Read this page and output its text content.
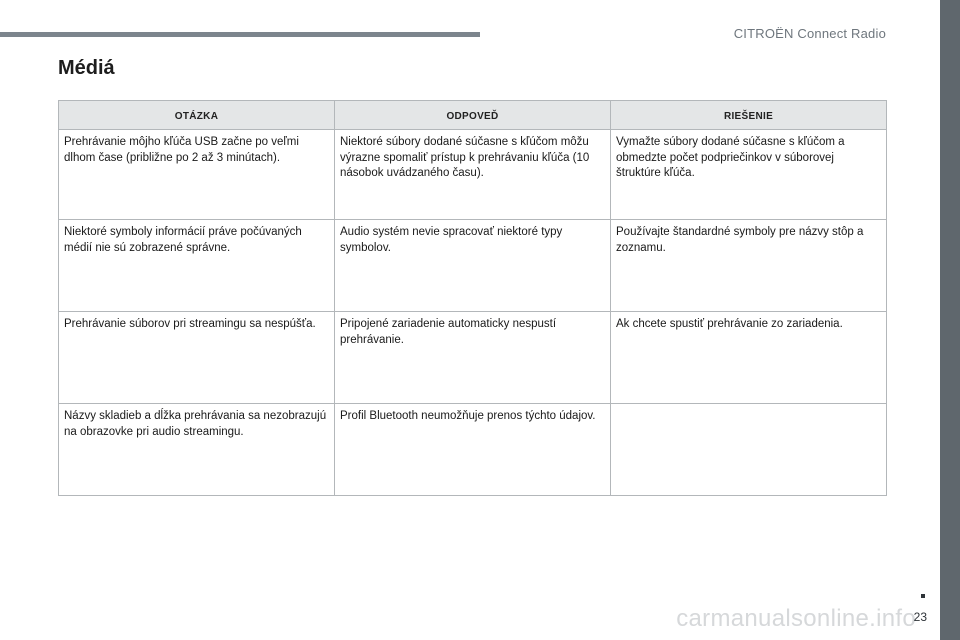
CITROËN Connect Radio
Médiá
OTÁZKA	ODPOVEĎ	RIEŠENIE
Prehrávanie môjho kľúča USB začne po veľmi dlhom čase (približne po 2 až 3 minútach).	Niektoré súbory dodané súčasne s kľúčom môžu výrazne spomaliť prístup k prehrávaniu kľúča (10 násobok uvádzaného času).	Vymažte súbory dodané súčasne s kľúčom a obmedzte počet podpriečinkov v súborovej štruktúre kľúča.
Niektoré symboly informácií práve počúvaných médií nie sú zobrazené správne.	Audio systém nevie spracovať niektoré typy symbolov.	Používajte štandardné symboly pre názvy stôp a zoznamu.
Prehrávanie súborov pri streamingu sa nespúšťa.	Pripojené zariadenie automaticky nespustí prehrávanie.	Ak chcete spustiť prehrávanie zo zariadenia.
Názvy skladieb a dĺžka prehrávania sa nezobrazujú na obrazovke pri audio streamingu.	Profil Bluetooth neumožňuje prenos týchto údajov.	
carmanualsonline.info
23
